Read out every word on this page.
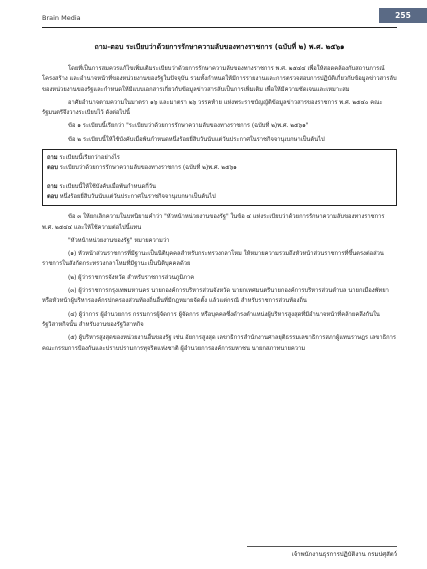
Brain Media	255
ถาม-ตอบ ระเบียบว่าด้วยการรักษาความลับของทางราชการ (ฉบับที่ ๒) พ.ศ. ๒๕๖๑

โดยที่เป็นการสมควรแก้ไขเพิ่มเติมระเบียบว่าด้วยการรักษาความลับของทางราชการ พ.ศ. ๒๕๔๔ เพื่อให้สอดคล้องกับสถานการณ์ โครงสร้าง และอำนาจหน้าที่ของหน่วยงานของรัฐในปัจจุบัน รวมทั้งกำหนดให้มีการรายงานและการตรวจสอบการปฏิบัติเกี่ยวกับข้อมูลข่าวสารลับของหน่วยงานของรัฐและกำหนดให้มีแบบเอกสารเกี่ยวกับข้อมูลข่าวสารลับเป็นการเพิ่มเติม เพื่อให้มีความชัดเจนและเหมาะสม

อาศัยอำนาจตามความในมาตรา ๑๖ และมาตรา ๒๖ วรรคท้าย แห่งพระราชบัญญัติข้อมูลข่าวสารของราชการ พ.ศ. ๒๕๔๐ คณะรัฐมนตรีจึงวางระเบียบไว้ ดังต่อไปนี้

ข้อ ๑ ระเบียบนี้เรียกว่า "ระเบียบว่าด้วยการรักษาความลับของทางราชการ (ฉบับที่ ๒)พ.ศ. ๒๕๖๑"

ข้อ ๒ ระเบียบนี้ให้ใช้บังคับเมื่อพ้นกำหนดหนึ่งร้อยยี่สิบวันนับแต่วันประกาศในราชกิจจานุเบกษาเป็นต้นไป

ถาม ระเบียบนี้เรียกว่าอย่างไร

ตอบ ระเบียบว่าด้วยการรักษาความลับของทางราชการ (ฉบับที่ ๒)พ.ศ. ๒๕๖๑

ถาม ระเบียบนี้ให้ใช้บังคับเมื่อพ้นกำหนดกี่วัน

ตอบ หนึ่งร้อยยี่สิบวันนับแต่วันประกาศในราชกิจจานุเบกษาเป็นต้นไป

ข้อ ๓ ให้ยกเลิกความในบทนิยามคำว่า "หัวหน้าหน่วยงานของรัฐ" ในข้อ ๔ แห่งระเบียบว่าด้วยการรักษาความลับของทางราชการ พ.ศ. ๒๕๔๔ และให้ใช้ความต่อไปนี้แทน

"หัวหน้าหน่วยงานของรัฐ" หมายความว่า

(๑) หัวหน้าส่วนราชการที่มีฐานะเป็นนิติบุคคลสำหรับกระทรวงกลาโหม ให้หมายความรวมถึงหัวหน้าส่วนราชการที่ขึ้นตรงต่อส่วนราชการในสังกัดกระทรวงกลาโหมที่มีฐานะเป็นนิติบุคคลด้วย

(๒) ผู้ว่าราชการจังหวัด สำหรับราชการส่วนภูมิภาค

(๓) ผู้ว่าราชการกรุงเทพมหานคร นายกองค์การบริหารส่วนจังหวัด นายกเทศมนตรีนายกองค์การบริหารส่วนตำบล นายกเมืองพัทยา หรือหัวหน้าผู้บริหารองค์กรปกครองส่วนท้องถิ่นอื่นที่มีกฎหมายจัดตั้ง แล้วแต่กรณี สำหรับราชการส่วนท้องถิ่น

(๔) ผู้ว่าการ ผู้อำนวยการ กรรมการผู้จัดการ ผู้จัดการ หรือบุคคลซึ่งดำรงตำแหน่งผู้บริหารสูงสุดที่มีอำนาจหน้าที่คล้ายคลึงกันในรัฐวิสาหกิจนั้น สำหรับงานของรัฐวิสาหกิจ

(๕) ผู้บริหารสูงสุดของหน่วยงานอื่นของรัฐ เช่น อัยการสูงสุด เลขาธิการสำนักงานศาลยุติธรรมเลขาธิการสภาผู้แทนราษฎร เลขาธิการคณะกรรมการป้องกันและปราบปรามการทุจริตแห่งชาติ ผู้อำนวยการองค์การมหาชน นายกสภาทนายความ

เจ้าพนักงานธุรการปฏิบัติงาน กรมปศุสัตว์
